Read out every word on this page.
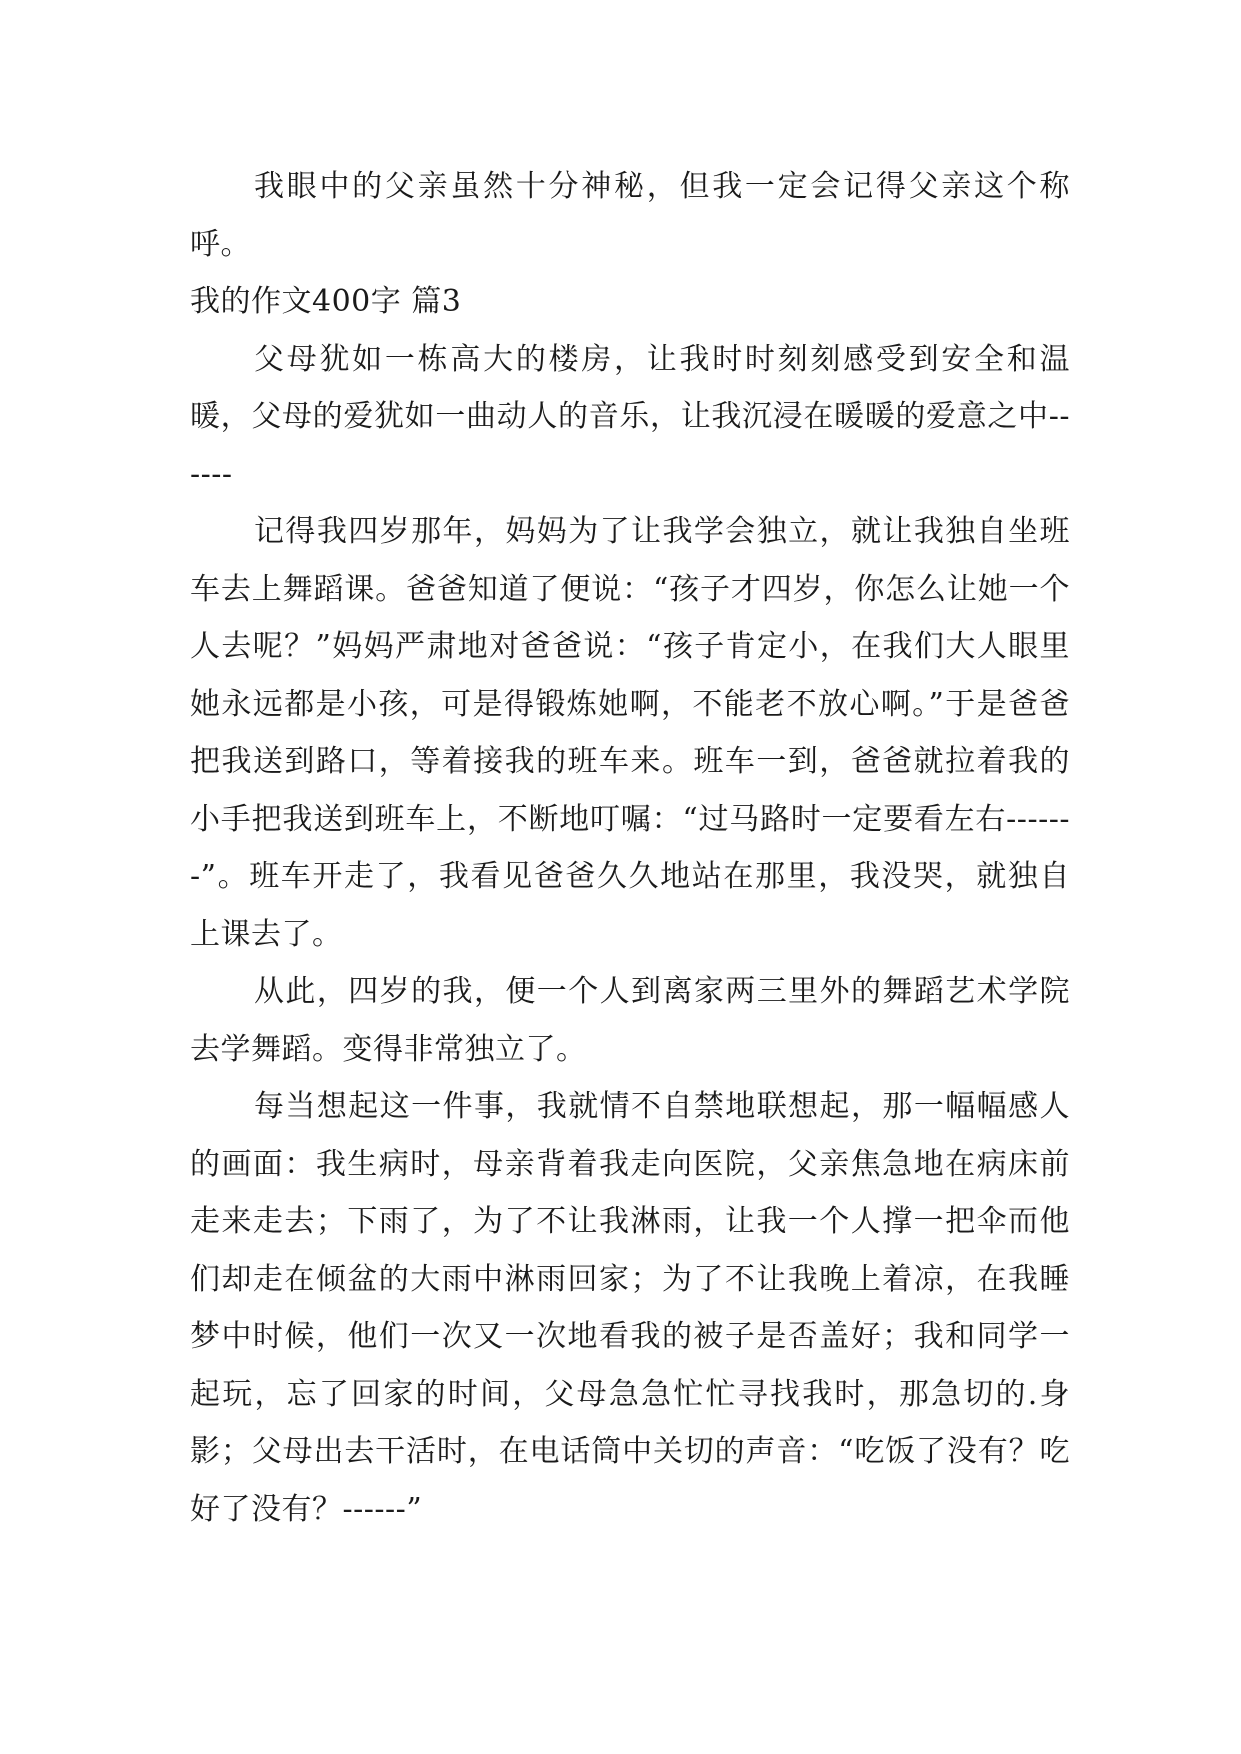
我眼中的父亲虽然十分神秘，但我一定会记得父亲这个称呼。

我的作文400字 篇3

父母犹如一栋高大的楼房，让我时时刻刻感受到安全和温暖，父母的爱犹如一曲动人的音乐，让我沉浸在暖暖的爱意之中------

记得我四岁那年，妈妈为了让我学会独立，就让我独自坐班车去上舞蹈课。爸爸知道了便说：“孩子才四岁，你怎么让她一个人去呢？”妈妈严肃地对爸爸说：“孩子肯定小，在我们大人眼里她永远都是小孩，可是得锻炼她啊，不能老不放心啊。”于是爸爸把我送到路口，等着接我的班车来。班车一到，爸爸就拉着我的小手把我送到班车上，不断地叮嘱：“过马路时一定要看左右-------”。班车开走了，我看见爸爸久久地站在那里，我没哭，就独自上课去了。

从此，四岁的我，便一个人到离家两三里外的舞蹈艺术学院去学舞蹈。变得非常独立了。

每当想起这一件事，我就情不自禁地联想起，那一幅幅感人的画面：我生病时，母亲背着我走向医院，父亲焦急地在病床前走来走去；下雨了，为了不让我淋雨，让我一个人撑一把伞而他们却走在倾盆的大雨中淋雨回家；为了不让我晚上着凉，在我睡梦中时候，他们一次又一次地看我的被子是否盖好；我和同学一起玩，忘了回家的时间，父母急急忙忙寻找我时，那急切的.身影；父母出去干活时，在电话筒中关切的声音：“吃饭了没有？吃好了没有？------”
